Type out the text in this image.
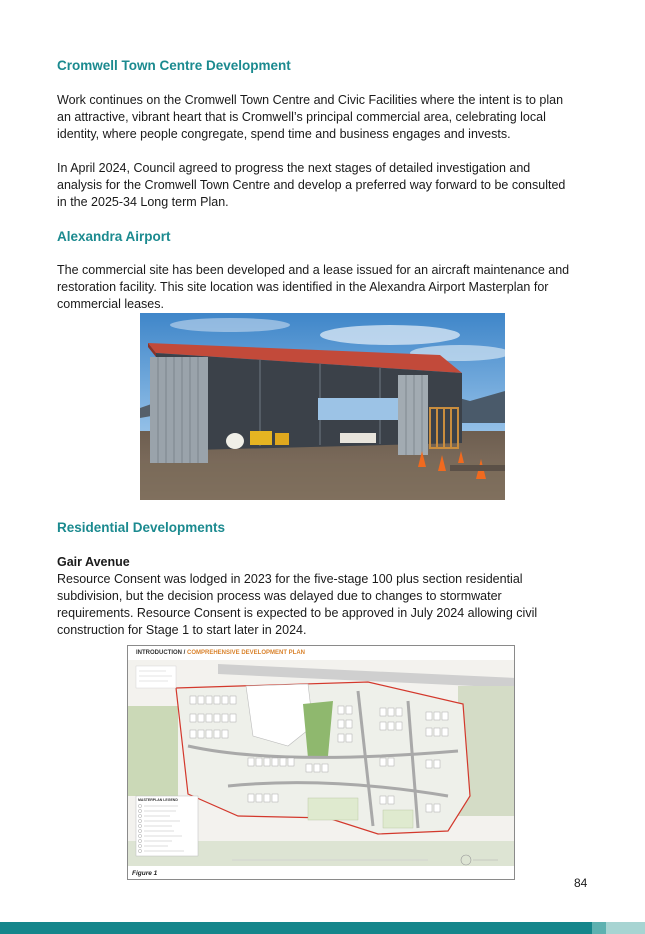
Cromwell Town Centre Development
Work continues on the Cromwell Town Centre and Civic Facilities where the intent is to plan
an attractive, vibrant heart that is Cromwell’s principal commercial area, celebrating local
identity, where people congregate, spend time and business engages and invests.
In April 2024, Council agreed to progress the next stages of detailed investigation and
analysis for the Cromwell Town Centre and develop a preferred way forward to be consulted
in the 2025-34 Long term Plan.
Alexandra Airport
The commercial site has been developed and a lease issued for an aircraft maintenance and
restoration facility. This site location was identified in the Alexandra Airport Masterplan for
commercial leases.
Residential Developments
Gair Avenue
Resource Consent was lodged in 2023 for the five-stage 100 plus section residential
subdivision, but the decision process was delayed due to changes to stormwater
requirements. Resource Consent is expected to be approved in July 2024 allowing civil
construction for Stage 1 to start later in 2024.
INTRODUCTION / COMPREHENSIVE DEVELOPMENT PLAN
MASTERPLAN LEGEND
Figure 1
84
